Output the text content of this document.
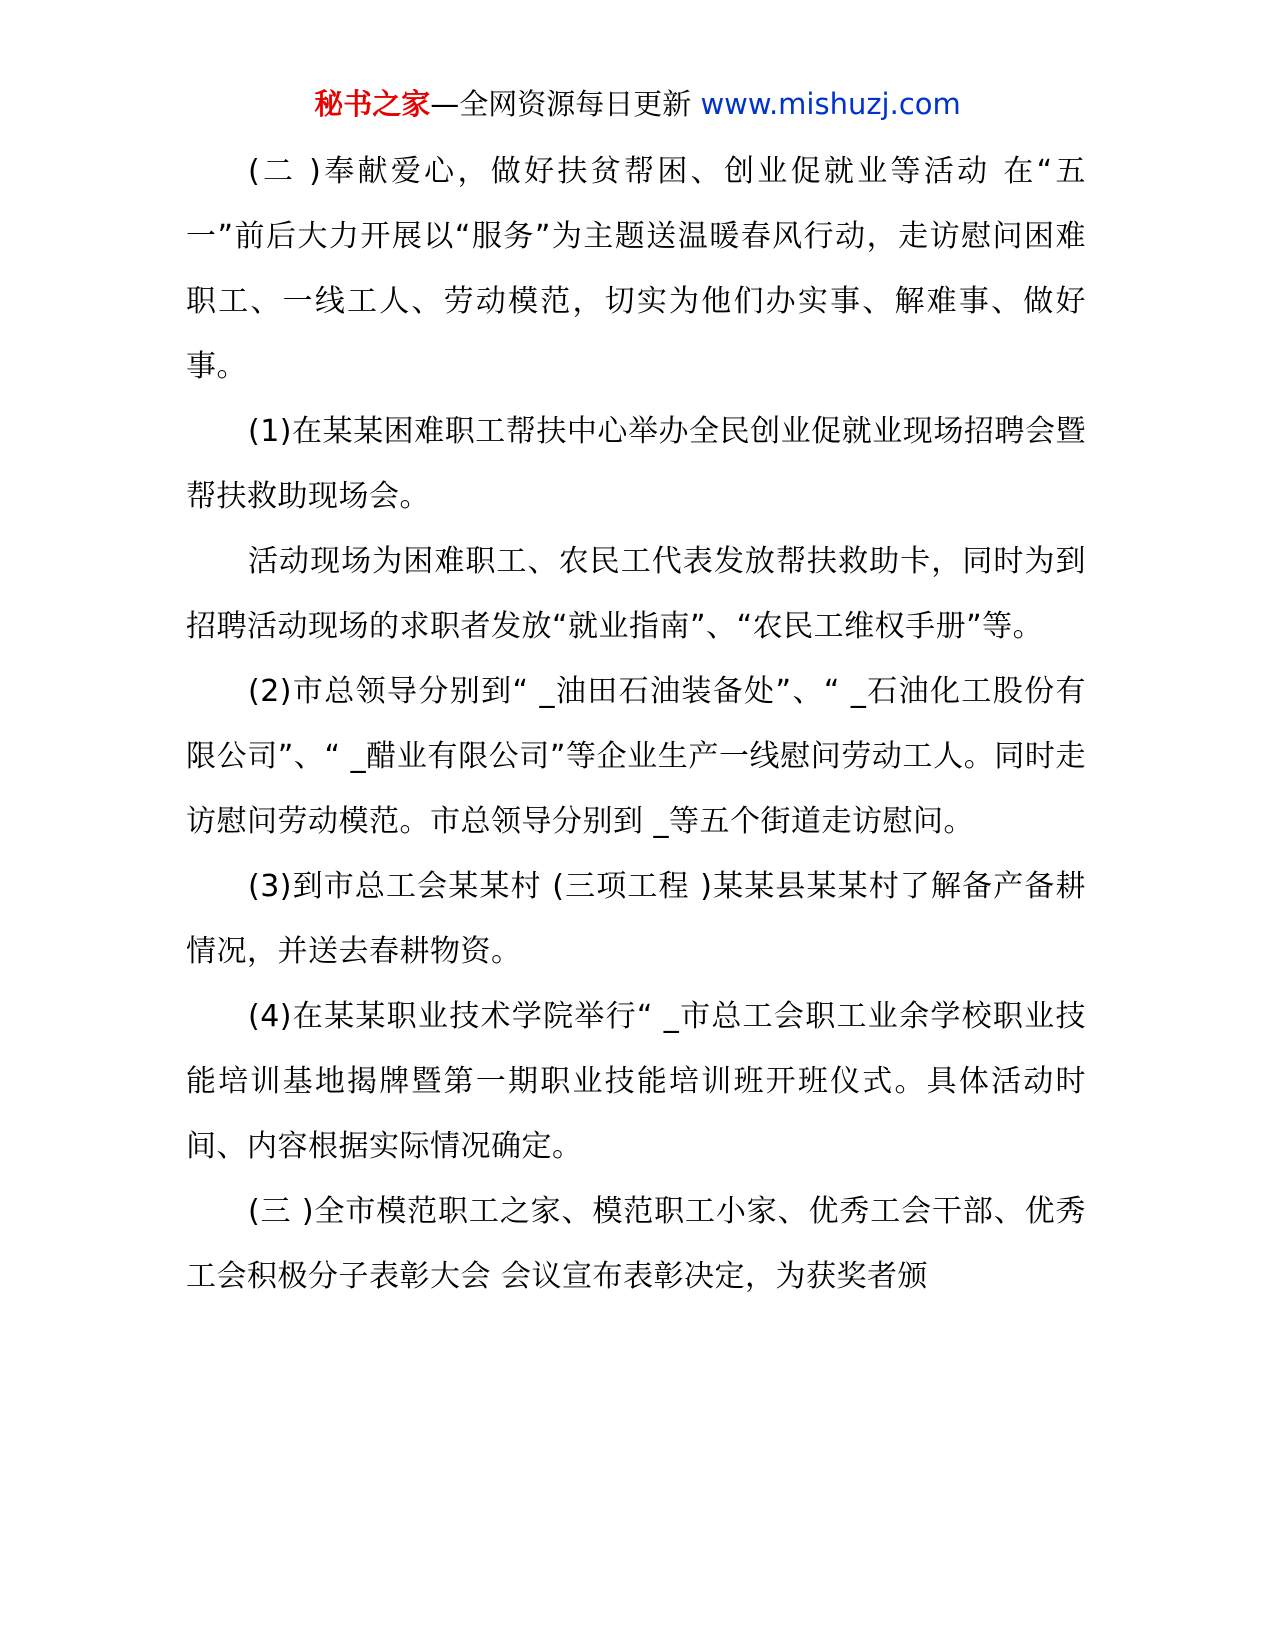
秘书之家—全网资源每日更新 www.mishuzj.com

(二 )奉献爱心，做好扶贫帮困、创业促就业等活动 在“五一”前后大力开展以“服务”为主题送温暖春风行动，走访慰问困难职工、一线工人、劳动模范，切实为他们办实事、解难事、做好事。

(1)在某某困难职工帮扶中心举办全民创业促就业现场招聘会暨帮扶救助现场会。

活动现场为困难职工、农民工代表发放帮扶救助卡，同时为到招聘活动现场的求职者发放“就业指南”、“农民工维权手册”等。

(2)市总领导分别到“ _油田石油装备处”、“ _石油化工股份有限公司”、“ _醋业有限公司”等企业生产一线慰问劳动工人。同时走访慰问劳动模范。市总领导分别到 _等五个街道走访慰问。

(3)到市总工会某某村 (三项工程 )某某县某某村了解备产备耕情况，并送去春耕物资。

(4)在某某职业技术学院举行“ _市总工会职工业余学校职业技能培训基地揭牌暨第一期职业技能培训班开班仪式。具体活动时间、内容根据实际情况确定。

(三 )全市模范职工之家、模范职工小家、优秀工会干部、优秀工会积极分子表彰大会 会议宣布表彰决定，为获奖者颁
